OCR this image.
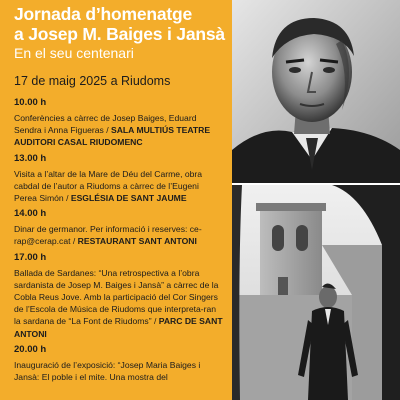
Jornada d’homenatge
a Josep M. Baiges i Jansà
En el seu centenari
17 de maig 2025 a Riudoms
10.00 h
Conferències a càrrec de Josep Baiges, Eduard Sendra i Anna Figueras / SALA MULTIÚS TEATRE AUDITORI CASAL RIUDOMENC
13.00 h
Visita a l’altar de la Mare de Déu del Carme, obra cabdal de l’autor a Riudoms a càrrec de l’Eugeni Perea Simón / ESGLÉSIA DE SANT JAUME
14.00 h
Dinar de germanor. Per informació i reserves: ce-rap@cerap.cat / RESTAURANT SANT ANTONI
17.00 h
Ballada de Sardanes: “Una retrospectiva a l’obra sardanista de Josep M. Baiges i Jansà” a càrrec de la Cobla Reus Jove. Amb la participació del Cor Singers de l’Escola de Música de Riudoms que interpreta-ran la sardana de “La Font de Riudoms” / PARC DE SANT ANTONI
20.00 h
Inauguració de l’exposició: “Josep Maria Baiges i Jansà: El poble i el mite. Una mostra del
